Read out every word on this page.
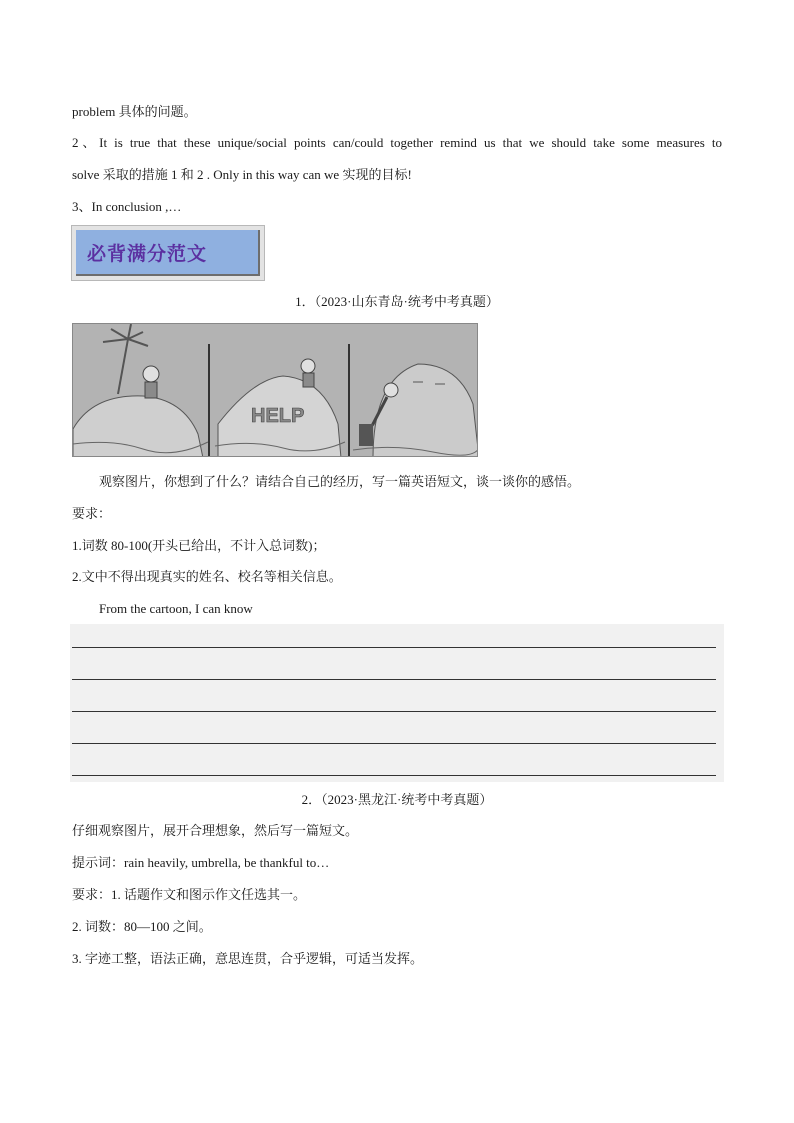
problem 具体的问题。
2、It is true that these unique/social points can/could together remind us that we should take some measures to
solve 采取的措施 1 和 2 . Only in this way can we 实现的目标!
3、In conclusion ,…
必背满分范文
1．（2023·山东青岛·统考中考真题）
HELP
观察图片，你想到了什么？请结合自己的经历，写一篇英语短文，谈一谈你的感悟。
要求：
1.词数 80-100(开头已给出，不计入总词数)；
2.文中不得出现真实的姓名、校名等相关信息。
From the cartoon, I can know
2．（2023·黑龙江·统考中考真题）
仔细观察图片，展开合理想象，然后写一篇短文。
提示词：rain heavily, umbrella, be thankful to…
要求：1. 话题作文和图示作文任选其一。
2. 词数：80—100 之间。
3. 字迹工整，语法正确，意思连贯，合乎逻辑，可适当发挥。
